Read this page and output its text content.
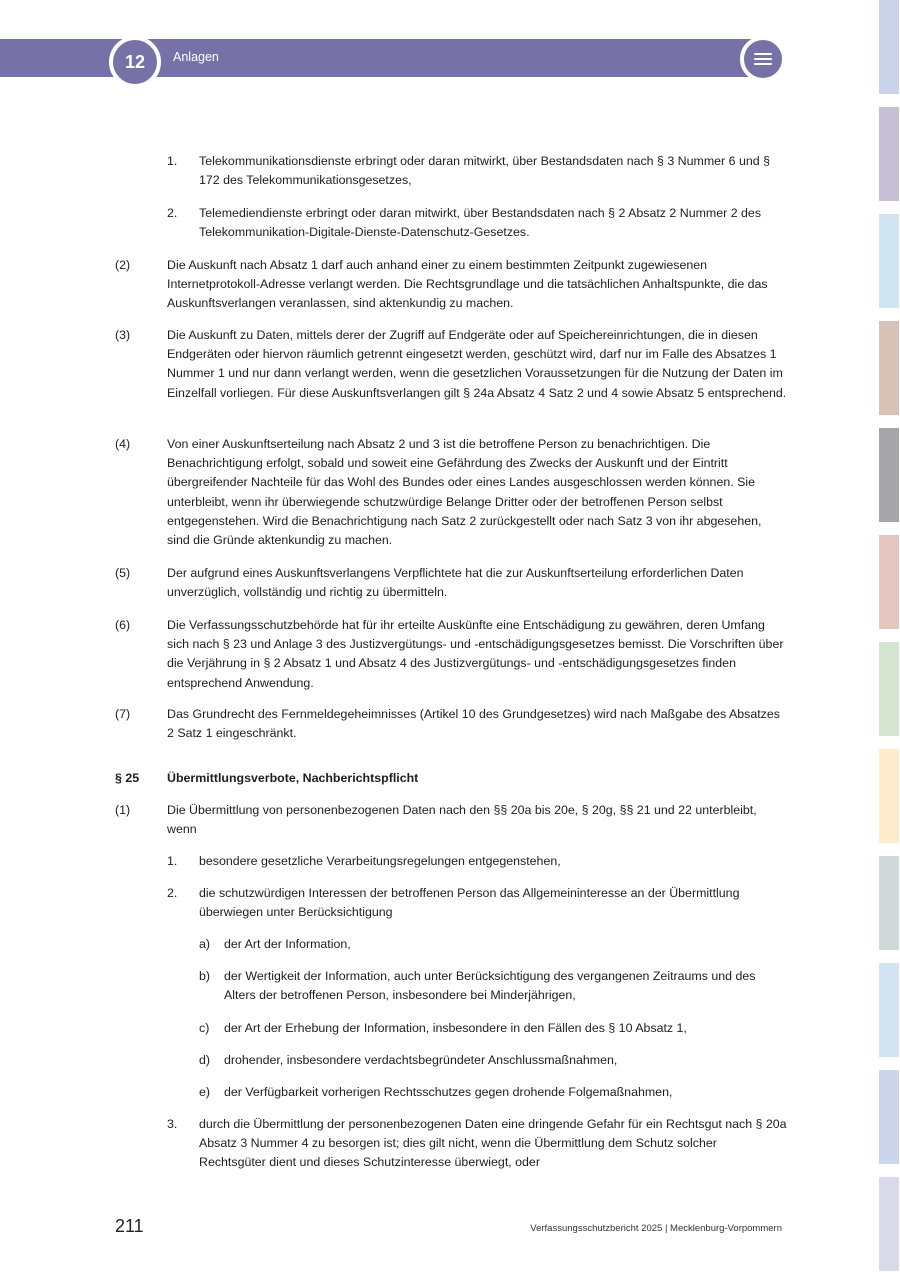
12	Anlagen
1. Telekommunikationsdienste erbringt oder daran mitwirkt, über Bestandsdaten nach § 3 Nummer 6 und § 172 des Telekommunikationsgesetzes,
2. Telemediendienste erbringt oder daran mitwirkt, über Bestandsdaten nach § 2 Absatz 2 Nummer 2 des Telekommunikation-Digitale-Dienste-Datenschutz-Gesetzes.
(2)	Die Auskunft nach Absatz 1 darf auch anhand einer zu einem bestimmten Zeitpunkt zugewiesenen Internetprotokoll-Adresse verlangt werden. Die Rechtsgrundlage und die tatsächlichen Anhaltspunkte, die das Auskunftsverlangen veranlassen, sind aktenkundig zu machen.
(3)	Die Auskunft zu Daten, mittels derer der Zugriff auf Endgeräte oder auf Speichereinrichtungen, die in diesen Endgeräten oder hiervon räumlich getrennt eingesetzt werden, geschützt wird, darf nur im Falle des Absatzes 1 Nummer 1 und nur dann verlangt werden, wenn die gesetzlichen Voraussetzungen für die Nutzung der Daten im Einzelfall vorliegen. Für diese Auskunftsverlangen gilt § 24a Absatz 4 Satz 2 und 4 sowie Absatz 5 entsprechend.
(4)	Von einer Auskunftserteilung nach Absatz 2 und 3 ist die betroffene Person zu benachrichtigen. Die Benachrichtigung erfolgt, sobald und soweit eine Gefährdung des Zwecks der Auskunft und der Eintritt übergreifender Nachteile für das Wohl des Bundes oder eines Landes ausgeschlossen werden können. Sie unterbleibt, wenn ihr überwiegende schutzwürdige Belange Dritter oder der betroffenen Person selbst entgegenstehen. Wird die Benachrichtigung nach Satz 2 zurückgestellt oder nach Satz 3 von ihr abgesehen, sind die Gründe aktenkundig zu machen.
(5)	Der aufgrund eines Auskunftsverlangens Verpflichtete hat die zur Auskunftserteilung erforderlichen Daten unverzüglich, vollständig und richtig zu übermitteln.
(6)	Die Verfassungsschutzbehörde hat für ihr erteilte Auskünfte eine Entschädigung zu gewähren, deren Umfang sich nach § 23 und Anlage 3 des Justizvergütungs- und -entschädigungsgesetzes bemisst. Die Vorschriften über die Verjährung in § 2 Absatz 1 und Absatz 4 des Justizvergütungs- und -entschädigungsgesetzes finden entsprechend Anwendung.
(7)	Das Grundrecht des Fernmeldegeheimnisses (Artikel 10 des Grundgesetzes) wird nach Maßgabe des Absatzes 2 Satz 1 eingeschränkt.
§ 25 Übermittlungsverbote, Nachberichtspflicht
(1)	Die Übermittlung von personenbezogenen Daten nach den §§ 20a bis 20e, § 20g, §§ 21 und 22 unterbleibt, wenn
1. besondere gesetzliche Verarbeitungsregelungen entgegenstehen,
2. die schutzwürdigen Interessen der betroffenen Person das Allgemeininteresse an der Übermittlung überwiegen unter Berücksichtigung
a) der Art der Information,
b) der Wertigkeit der Information, auch unter Berücksichtigung des vergangenen Zeitraums und des Alters der betroffenen Person, insbesondere bei Minderjährigen,
c) der Art der Erhebung der Information, insbesondere in den Fällen des § 10 Absatz 1,
d) drohender, insbesondere verdachtsbegründeter Anschlussmaßnahmen,
e) der Verfügbarkeit vorherigen Rechtsschutzes gegen drohende Folgemaßnahmen,
3. durch die Übermittlung der personenbezogenen Daten eine dringende Gefahr für ein Rechtsgut nach § 20a Absatz 3 Nummer 4 zu besorgen ist; dies gilt nicht, wenn die Übermittlung dem Schutz solcher Rechtsgüter dient und dieses Schutzinteresse überwiegt, oder
211	Verfassungsschutzbericht 2025 | Mecklenburg-Vorpommern
